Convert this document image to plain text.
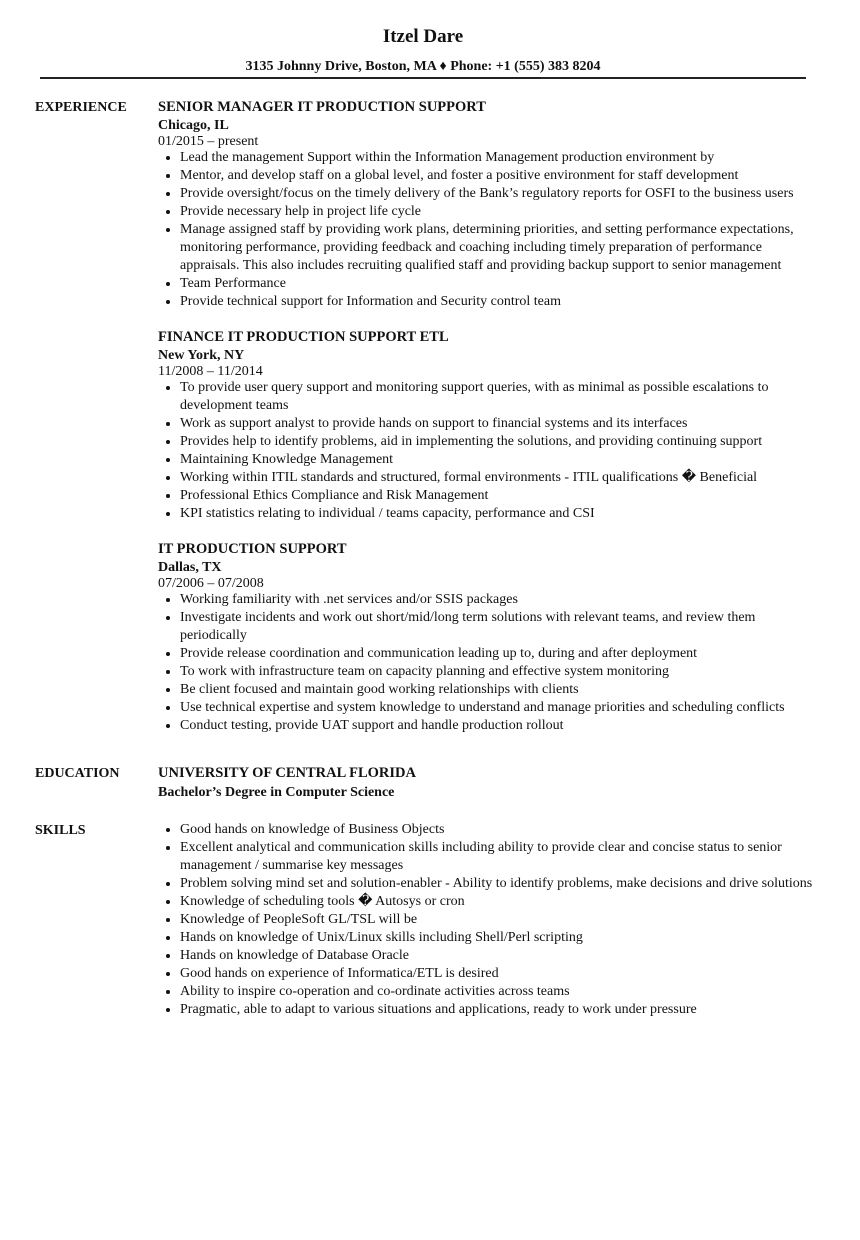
Itzel Dare
3135 Johnny Drive, Boston, MA ♦ Phone: +1 (555) 383 8204
EXPERIENCE	SENIOR MANAGER IT PRODUCTION SUPPORT
Chicago, IL
01/2015 – present
• Lead the management Support within the Information Management production environment by
• Mentor, and develop staff on a global level, and foster a positive environment for staff development
• Provide oversight/focus on the timely delivery of the Bank’s regulatory reports for OSFI to the business users
• Provide necessary help in project life cycle
• Manage assigned staff by providing work plans, determining priorities, and setting performance expectations, monitoring performance, providing feedback and coaching including timely preparation of performance appraisals. This also includes recruiting qualified staff and providing backup support to senior management
• Team Performance
• Provide technical support for Information and Security control team
FINANCE IT PRODUCTION SUPPORT ETL
New York, NY
11/2008 – 11/2014
• To provide user query support and monitoring support queries, with as minimal as possible escalations to development teams
• Work as support analyst to provide hands on support to financial systems and its interfaces
• Provides help to identify problems, aid in implementing the solutions, and providing continuing support
• Maintaining Knowledge Management
• Working within ITIL standards and structured, formal environments - ITIL qualifications � Beneficial
• Professional Ethics Compliance and Risk Management
• KPI statistics relating to individual / teams capacity, performance and CSI
IT PRODUCTION SUPPORT
Dallas, TX
07/2006 – 07/2008
• Working familiarity with .net services and/or SSIS packages
• Investigate incidents and work out short/mid/long term solutions with relevant teams, and review them periodically
• Provide release coordination and communication leading up to, during and after deployment
• To work with infrastructure team on capacity planning and effective system monitoring
• Be client focused and maintain good working relationships with clients
• Use technical expertise and system knowledge to understand and manage priorities and scheduling conflicts
• Conduct testing, provide UAT support and handle production rollout
EDUCATION	UNIVERSITY OF CENTRAL FLORIDA
Bachelor’s Degree in Computer Science
SKILLS	• Good hands on knowledge of Business Objects
• Excellent analytical and communication skills including ability to provide clear and concise status to senior management / summarise key messages
• Problem solving mind set and solution-enabler - Ability to identify problems, make decisions and drive solutions
• Knowledge of scheduling tools � Autosys or cron
• Knowledge of PeopleSoft GL/TSL will be
• Hands on knowledge of Unix/Linux skills including Shell/Perl scripting
• Hands on knowledge of Database Oracle
• Good hands on experience of Informatica/ETL is desired
• Ability to inspire co-operation and co-ordinate activities across teams
• Pragmatic, able to adapt to various situations and applications, ready to work under pressure
